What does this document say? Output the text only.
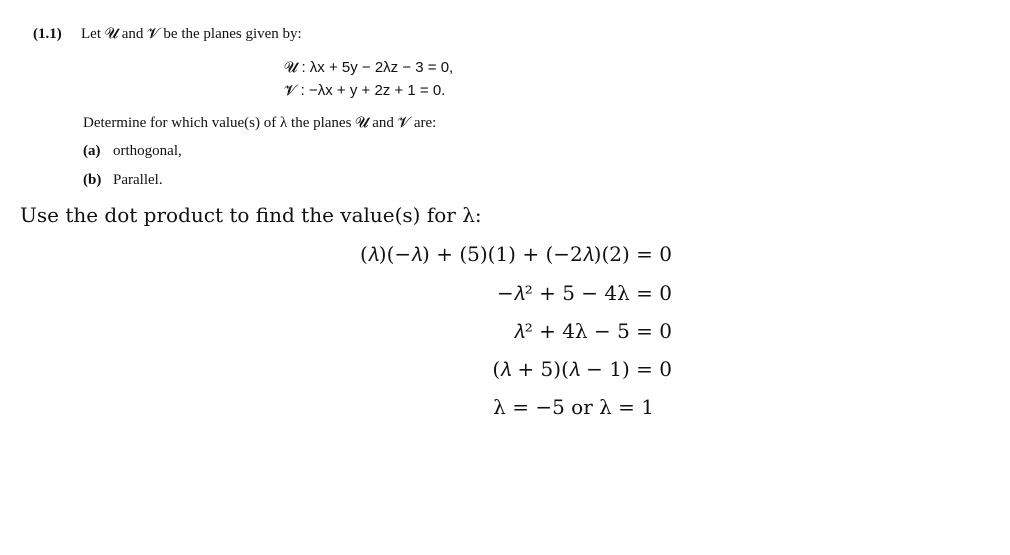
(1.1) Let 𝓤 and 𝓥 be the planes given by:
𝓤 : λx + 5y − 2λz − 3 = 0,
𝓥 : −λx + y + 2z + 1 = 0.
Determine for which value(s) of λ the planes 𝓤 and 𝓥 are:
(a) orthogonal,
(b) Parallel.
Use the dot product to find the value(s) for λ:
(𝜆)(−𝜆) + (5)(1) + (−2𝜆)(2) = 0
−𝜆² + 5 − 4λ = 0
𝜆² + 4λ − 5 = 0
(𝜆 + 5)(𝜆 − 1) = 0
λ = −5 or λ = 1
